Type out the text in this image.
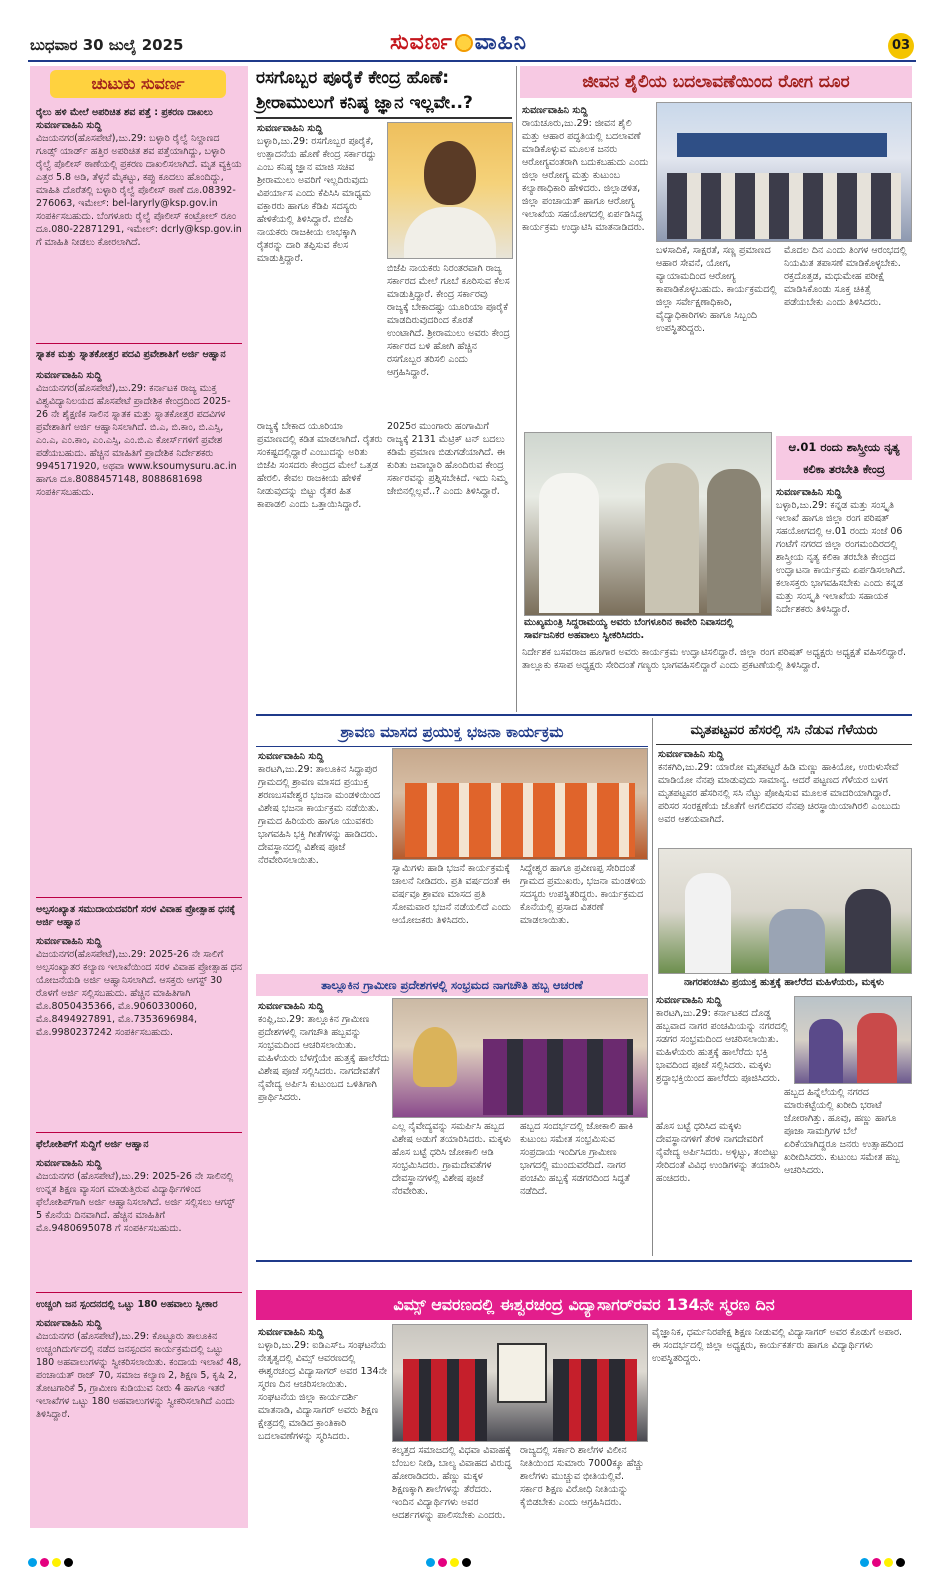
ಬುಧವಾರ 30 ಜುಲೈ 2025	ಸುವರ್ಣ ವಾಹಿನಿ	03
ಚುಟುಕು ಸುವರ್ಣ
ರೈಲು ಹಳಿ ಮೇಲೆ ಅಪರಿಚಿತ ಶವ ಪತ್ತೆ : ಪ್ರಕರಣ ದಾಖಲು
ಸುವರ್ಣವಾಹಿನಿ ಸುದ್ದಿ
ವಿಜಯನಗರ(ಹೊಸಪೇಟೆ),ಜು.29: ಬಳ್ಳಾರಿ ರೈಲ್ವೆ ನಿಲ್ದಾಣದ ಗೂಡ್ಸ್ ಯಾರ್ಡ್ ಹತ್ತಿರ ಅಪರಿಚಿತ ಶವ ಪತ್ತೆಯಾಗಿದ್ದು, ಬಳ್ಳಾರಿ ರೈಲ್ವೆ ಪೊಲೀಸ್ ಠಾಣೆಯಲ್ಲಿ ಪ್ರಕರಣ ದಾಖಲಿಸಲಾಗಿದೆ. ಮೃತ ವ್ಯಕ್ತಿಯ ಎತ್ತರ 5.8 ಅಡಿ, ತೆಳ್ಳನೆ ಮೈಕಟ್ಟು, ಕಪ್ಪು ಕೂದಲು ಹೊಂದಿದ್ದು, ಮಾಹಿತಿ ದೊರೆತಲ್ಲಿ ಬಳ್ಳಾರಿ ರೈಲ್ವೆ ಪೊಲೀಸ್ ಠಾಣೆ ದೂ.08392-276063, ಇಮೇಲ್: bel-laryrly@ksp.gov.in ಸಂಪರ್ಕಿಸಬಹುದು. ಬೆಂಗಳೂರು ರೈಲ್ವೆ ಪೊಲೀಸ್ ಕಂಟ್ರೋಲ್ ರೂಂ ದೂ.080-22871291, ಇಮೇಲ್: dcrly@ksp.gov.in ಗೆ ಮಾಹಿತಿ ನೀಡಲು ಕೋರಲಾಗಿದೆ.
ಸ್ನಾತಕ ಮತ್ತು ಸ್ನಾತಕೋತ್ತರ ಪದವಿ ಪ್ರವೇಶಾತಿಗೆ ಅರ್ಜಿ ಆಹ್ವಾನ
ಸುವರ್ಣವಾಹಿನಿ ಸುದ್ದಿ
ವಿಜಯನಗರ(ಹೊಸಪೇಟೆ),ಜು.29: ಕರ್ನಾಟಕ ರಾಜ್ಯ ಮುಕ್ತ ವಿಶ್ವವಿದ್ಯಾನಿಲಯದ ಹೊಸಪೇಟೆ ಪ್ರಾದೇಶಿಕ ಕೇಂದ್ರದಿಂದ 2025-26 ನೇ ಶೈಕ್ಷಣಿಕ ಸಾಲಿನ ಸ್ನಾತಕ ಮತ್ತು ಸ್ನಾತಕೋತ್ತರ ಪದವಿಗಳ ಪ್ರವೇಶಾತಿಗೆ ಅರ್ಜಿ ಆಹ್ವಾನಿಸಲಾಗಿದೆ. ಬಿ.ಎ, ಬಿ.ಕಾಂ, ಬಿ.ಎಸ್ಸಿ, ಎಂ.ಎ, ಎಂ.ಕಾಂ, ಎಂ.ಎಸ್ಸಿ, ಎಂ.ಬಿ.ಎ ಕೋರ್ಸ್‍ಗಳಿಗೆ ಪ್ರವೇಶ ಪಡೆಯಬಹುದು. ಹೆಚ್ಚಿನ ಮಾಹಿತಿಗೆ ಪ್ರಾದೇಶಿಕ ನಿರ್ದೇಶಕರು 9945171920, ಅಥವಾ www.ksoumysuru.ac.in ಹಾಗೂ ದೂ.8088457148, 8088681698 ಸಂಪರ್ಕಿಸಬಹುದು.
ಅಲ್ಪಸಂಖ್ಯಾತ ಸಮುದಾಯದವರಿಗೆ ಸರಳ ವಿವಾಹ ಪ್ರೋತ್ಸಾಹ ಧನಕ್ಕೆ ಅರ್ಜಿ ಆಹ್ವಾನ
ಸುವರ್ಣವಾಹಿನಿ ಸುದ್ದಿ
ವಿಜಯನಗರ(ಹೊಸಪೇಟೆ),ಜು.29: 2025-26 ನೇ ಸಾಲಿಗೆ ಅಲ್ಪಸಂಖ್ಯಾತರ ಕಲ್ಯಾಣ ಇಲಾಖೆಯಿಂದ ಸರಳ ವಿವಾಹ ಪ್ರೋತ್ಸಾಹ ಧನ ಯೋಜನೆಯಡಿ ಅರ್ಜಿ ಆಹ್ವಾನಿಸಲಾಗಿದೆ. ಆಸಕ್ತರು ಆಗಸ್ಟ್ 30 ರೊಳಗೆ ಅರ್ಜಿ ಸಲ್ಲಿಸಬಹುದು. ಹೆಚ್ಚಿನ ಮಾಹಿತಿಗಾಗಿ ಮೊ.8050435366, ಮೊ.9060330060, ಮೊ.8494927891, ಮೊ.7353696984, ಮೊ.9980237242 ಸಂಪರ್ಕಿಸಬಹುದು.
ಫೆಲೋಶಿಪ್‍ಗೆ ಸುದ್ದಿಗೆ ಅರ್ಜಿ ಆಹ್ವಾನ
ಸುವರ್ಣವಾಹಿನಿ ಸುದ್ದಿ
ವಿಜಯನಗರ (ಹೊಸಪೇಟೆ),ಜು.29: 2025-26 ನೇ ಸಾಲಿನಲ್ಲಿ ಉನ್ನತ ಶಿಕ್ಷಣ ವ್ಯಾಸಂಗ ಮಾಡುತ್ತಿರುವ ವಿದ್ಯಾರ್ಥಿಗಳಿಂದ ಫೆಲೋಶಿಪ್‍ಗಾಗಿ ಅರ್ಜಿ ಆಹ್ವಾನಿಸಲಾಗಿದೆ. ಅರ್ಜಿ ಸಲ್ಲಿಸಲು ಆಗಸ್ಟ್ 5 ಕೊನೆಯ ದಿನವಾಗಿದೆ. ಹೆಚ್ಚಿನ ಮಾಹಿತಿಗೆ ಮೊ.9480695078 ಗೆ ಸಂಪರ್ಕಿಸಬಹುದು.
ಉಚ್ಚಂಗಿ ಜನ ಸ್ಪಂದನದಲ್ಲಿ ಒಟ್ಟು 180 ಅಹವಾಲು ಸ್ವೀಕಾರ
ಸುವರ್ಣವಾಹಿನಿ ಸುದ್ದಿ
ವಿಜಯನಗರ (ಹೊಸಪೇಟೆ),ಜು.29: ಕೊಟ್ಟೂರು ತಾಲೂಕಿನ ಉಚ್ಚಂಗಿದುರ್ಗದಲ್ಲಿ ನಡೆದ ಜನಸ್ಪಂದನ ಕಾರ್ಯಕ್ರಮದಲ್ಲಿ ಒಟ್ಟು 180 ಅಹವಾಲುಗಳನ್ನು ಸ್ವೀಕರಿಸಲಾಯಿತು. ಕಂದಾಯ ಇಲಾಖೆ 48, ಪಂಚಾಯತ್ ರಾಜ್ 70, ಸಮಾಜ ಕಲ್ಯಾಣ 2, ಶಿಕ್ಷಣ 5, ಕೃಷಿ 2, ತೋಟಗಾರಿಕೆ 5, ಗ್ರಾಮೀಣ ಕುಡಿಯುವ ನೀರು 4 ಹಾಗೂ ಇತರೆ ಇಲಾಖೆಗಳ ಒಟ್ಟು 180 ಅಹವಾಲುಗಳನ್ನು ಸ್ವೀಕರಿಸಲಾಗಿದೆ ಎಂದು ತಿಳಿಸಿದ್ದಾರೆ.
ರಸಗೊಬ್ಬರ ಪೂರೈಕೆ ಕೇಂದ್ರ ಹೊಣೆ:
ಶ್ರೀರಾಮುಲುಗೆ ಕನಿಷ್ಠ ಜ್ಞಾನ ಇಲ್ಲವೇ..?
ಸುವರ್ಣವಾಹಿನಿ ಸುದ್ದಿ
ಬಳ್ಳಾರಿ,ಜು.29: ರಸಗೊಬ್ಬರ ಪೂರೈಕೆ, ಉತ್ಪಾದನೆಯ ಹೊಣೆ ಕೇಂದ್ರ ಸರ್ಕಾರದ್ದು ಎಂಬ ಕನಿಷ್ಠ ಜ್ಞಾನ ಮಾಜಿ ಸಚಿವ ಶ್ರೀರಾಮುಲು ಅವರಿಗೆ ಇಲ್ಲದಿರುವುದು ವಿಪರ್ಯಾಸ ಎಂದು ಕೆಪಿಸಿಸಿ ಮಾಧ್ಯಮ ವಕ್ತಾರರು ಹಾಗೂ ಕೆಡಿಪಿ ಸದಸ್ಯರು ಹೇಳಿಕೆಯಲ್ಲಿ ತಿಳಿಸಿದ್ದಾರೆ. ಬಿಜೆಪಿ ನಾಯಕರು ರಾಜಕೀಯ ಲಾಭಕ್ಕಾಗಿ ರೈತರನ್ನು ದಾರಿ ತಪ್ಪಿಸುವ ಕೆಲಸ ಮಾಡುತ್ತಿದ್ದಾರೆ.
ಬಿಜೆಪಿ ನಾಯಕರು ನಿರಂತರವಾಗಿ ರಾಜ್ಯ ಸರ್ಕಾರದ ಮೇಲೆ ಗೂಬೆ ಕೂರಿಸುವ ಕೆಲಸ ಮಾಡುತ್ತಿದ್ದಾರೆ. ಕೇಂದ್ರ ಸರ್ಕಾರವು ರಾಜ್ಯಕ್ಕೆ ಬೇಕಾದಷ್ಟು ಯೂರಿಯಾ ಪೂರೈಕೆ ಮಾಡದಿರುವುದರಿಂದ ಕೊರತೆ ಉಂಟಾಗಿದೆ. ಶ್ರೀರಾಮುಲು ಅವರು ಕೇಂದ್ರ ಸರ್ಕಾರದ ಬಳಿ ಹೋಗಿ ಹೆಚ್ಚಿನ ರಸಗೊಬ್ಬರ ತರಿಸಲಿ ಎಂದು ಆಗ್ರಹಿಸಿದ್ದಾರೆ.
ರಾಜ್ಯಕ್ಕೆ ಬೇಕಾದ ಯೂರಿಯಾ ಪ್ರಮಾಣದಲ್ಲಿ ಕಡಿತ ಮಾಡಲಾಗಿದೆ. ರೈತರು ಸಂಕಷ್ಟದಲ್ಲಿದ್ದಾರೆ ಎಂಬುದನ್ನು ಅರಿತು ಬಿಜೆಪಿ ಸಂಸದರು ಕೇಂದ್ರದ ಮೇಲೆ ಒತ್ತಡ ಹೇರಲಿ. ಕೇವಲ ರಾಜಕೀಯ ಹೇಳಿಕೆ ನೀಡುವುದನ್ನು ಬಿಟ್ಟು ರೈತರ ಹಿತ ಕಾಪಾಡಲಿ ಎಂದು ಒತ್ತಾಯಿಸಿದ್ದಾರೆ.
2025ರ ಮುಂಗಾರು ಹಂಗಾಮಿಗೆ ರಾಜ್ಯಕ್ಕೆ 2131 ಮೆಟ್ರಿಕ್ ಟನ್ ಬದಲು ಕಡಿಮೆ ಪ್ರಮಾಣ ಬಿಡುಗಡೆಯಾಗಿದೆ. ಈ ಕುರಿತು ಜವಾಬ್ದಾರಿ ಹೊಂದಿರುವ ಕೇಂದ್ರ ಸರ್ಕಾರವನ್ನು ಪ್ರಶ್ನಿಸಬೇಕಿದೆ. ಇದು ನಿಮ್ಮ ಜೇಬಿನಲ್ಲಿಲ್ಲವೆ..? ಎಂದು ತಿಳಿಸಿದ್ದಾರೆ.
ಜೀವನ ಶೈಲಿಯ ಬದಲಾವಣೆಯಿಂದ ರೋಗ ದೂರ
ಸುವರ್ಣವಾಹಿನಿ ಸುದ್ದಿ
ರಾಯಚೂರು,ಜು.29: ಜೀವನ ಶೈಲಿ ಮತ್ತು ಆಹಾರ ಪದ್ಧತಿಯಲ್ಲಿ ಬದಲಾವಣೆ ಮಾಡಿಕೊಳ್ಳುವ ಮೂಲಕ ಜನರು ಆರೋಗ್ಯವಂತರಾಗಿ ಬದುಕಬಹುದು ಎಂದು ಜಿಲ್ಲಾ ಆರೋಗ್ಯ ಮತ್ತು ಕುಟುಂಬ ಕಲ್ಯಾಣಾಧಿಕಾರಿ ಹೇಳಿದರು. ಜಿಲ್ಲಾಡಳಿತ, ಜಿಲ್ಲಾ ಪಂಚಾಯತ್ ಹಾಗೂ ಆರೋಗ್ಯ ಇಲಾಖೆಯ ಸಹಯೋಗದಲ್ಲಿ ಏರ್ಪಡಿಸಿದ್ದ ಕಾರ್ಯಕ್ರಮ ಉದ್ಘಾಟಿಸಿ ಮಾತನಾಡಿದರು.
ಬಳಸಾದಿಕೆ, ಸಾಕ್ಷರತೆ, ಸಣ್ಣ ಪ್ರಮಾಣದ ಆಹಾರ ಸೇವನೆ, ಯೋಗ, ವ್ಯಾಯಾಮದಿಂದ ಆರೋಗ್ಯ ಕಾಪಾಡಿಕೊಳ್ಳಬಹುದು. ಕಾರ್ಯಕ್ರಮದಲ್ಲಿ ಜಿಲ್ಲಾ ಸರ್ವೇಕ್ಷಣಾಧಿಕಾರಿ, ವೈದ್ಯಾಧಿಕಾರಿಗಳು ಹಾಗೂ ಸಿಬ್ಬಂದಿ ಉಪಸ್ಥಿತರಿದ್ದರು.
ಮೊದಲ ದಿನ ಎಂದು ತಿಂಗಳ ಆರಂಭದಲ್ಲಿ ನಿಯಮಿತ ತಪಾಸಣೆ ಮಾಡಿಕೊಳ್ಳಬೇಕು. ರಕ್ತದೊತ್ತಡ, ಮಧುಮೇಹ ಪರೀಕ್ಷೆ ಮಾಡಿಸಿಕೊಂಡು ಸೂಕ್ತ ಚಿಕಿತ್ಸೆ ಪಡೆಯಬೇಕು ಎಂದು ತಿಳಿಸಿದರು.
ಮುಖ್ಯಮಂತ್ರಿ ಸಿದ್ದರಾಮಯ್ಯ ಅವರು ಬೆಂಗಳೂರಿನ ಕಾವೇರಿ ನಿವಾಸದಲ್ಲಿ ಸಾರ್ವಜನಿಕರ ಅಹವಾಲು ಸ್ವೀಕರಿಸಿದರು.
ಆ.01 ರಂದು ಶಾಸ್ತ್ರೀಯ ನೃತ್ಯ
ಕಲಿಕಾ ತರಬೇತಿ ಕೇಂದ್ರ
ಸುವರ್ಣವಾಹಿನಿ ಸುದ್ದಿ
ಬಳ್ಳಾರಿ,ಜು.29: ಕನ್ನಡ ಮತ್ತು ಸಂಸ್ಕೃತಿ ಇಲಾಖೆ ಹಾಗೂ ಜಿಲ್ಲಾ ರಂಗ ಪರಿಷತ್ ಸಹಯೋಗದಲ್ಲಿ ಆ.01 ರಂದು ಸಂಜೆ 06 ಗಂಟೆಗೆ ನಗರದ ಜಿಲ್ಲಾ ರಂಗಮಂದಿರದಲ್ಲಿ ಶಾಸ್ತ್ರೀಯ ನೃತ್ಯ ಕಲಿಕಾ ತರಬೇತಿ ಕೇಂದ್ರದ ಉದ್ಘಾಟನಾ ಕಾರ್ಯಕ್ರಮ ಏರ್ಪಡಿಸಲಾಗಿದೆ. ಕಲಾಸಕ್ತರು ಭಾಗವಹಿಸಬೇಕು ಎಂದು ಕನ್ನಡ ಮತ್ತು ಸಂಸ್ಕೃತಿ ಇಲಾಖೆಯ ಸಹಾಯಕ ನಿರ್ದೇಶಕರು ತಿಳಿಸಿದ್ದಾರೆ.
ನಿರ್ದೇಶಕ ಬಸವರಾಜ ಹೂಗಾರ ಅವರು ಕಾರ್ಯಕ್ರಮ ಉದ್ಘಾಟಿಸಲಿದ್ದಾರೆ. ಜಿಲ್ಲಾ ರಂಗ ಪರಿಷತ್ ಅಧ್ಯಕ್ಷರು ಅಧ್ಯಕ್ಷತೆ ವಹಿಸಲಿದ್ದಾರೆ. ತಾಲ್ಲೂಕು ಕಸಾಪ ಅಧ್ಯಕ್ಷರು ಸೇರಿದಂತೆ ಗಣ್ಯರು ಭಾಗವಹಿಸಲಿದ್ದಾರೆ ಎಂದು ಪ್ರಕಟಣೆಯಲ್ಲಿ ತಿಳಿಸಿದ್ದಾರೆ.
ಶ್ರಾವಣ ಮಾಸದ ಪ್ರಯುಕ್ತ ಭಜನಾ ಕಾರ್ಯಕ್ರಮ
ಸುವರ್ಣವಾಹಿನಿ ಸುದ್ದಿ
ಕಾರಟಗಿ,ಜು.29: ತಾಲೂಕಿನ ಸಿದ್ದಾಪುರ ಗ್ರಾಮದಲ್ಲಿ ಶ್ರಾವಣ ಮಾಸದ ಪ್ರಯುಕ್ತ ಶರಣಬಸವೇಶ್ವರ ಭಜನಾ ಮಂಡಳಿಯಿಂದ ವಿಶೇಷ ಭಜನಾ ಕಾರ್ಯಕ್ರಮ ನಡೆಯಿತು. ಗ್ರಾಮದ ಹಿರಿಯರು ಹಾಗೂ ಯುವಕರು ಭಾಗವಹಿಸಿ ಭಕ್ತಿ ಗೀತೆಗಳನ್ನು ಹಾಡಿದರು. ದೇವಸ್ಥಾನದಲ್ಲಿ ವಿಶೇಷ ಪೂಜೆ ನೆರವೇರಿಸಲಾಯಿತು.
ಸ್ವಾಮಿಗಳು ಹಾಡಿ ಭಜನೆ ಕಾರ್ಯಕ್ರಮಕ್ಕೆ ಚಾಲನೆ ನೀಡಿದರು. ಪ್ರತಿ ವರ್ಷದಂತೆ ಈ ವರ್ಷವೂ ಶ್ರಾವಣ ಮಾಸದ ಪ್ರತಿ ಸೋಮವಾರ ಭಜನೆ ನಡೆಯಲಿದೆ ಎಂದು ಆಯೋಜಕರು ತಿಳಿಸಿದರು.
ಸಿದ್ದೇಶ್ವರ ಹಾಗೂ ಪ್ರವೀಣಪ್ಪ ಸೇರಿದಂತೆ ಗ್ರಾಮದ ಪ್ರಮುಖರು, ಭಜನಾ ಮಂಡಳಿಯ ಸದಸ್ಯರು ಉಪಸ್ಥಿತರಿದ್ದರು. ಕಾರ್ಯಕ್ರಮದ ಕೊನೆಯಲ್ಲಿ ಪ್ರಸಾದ ವಿತರಣೆ ಮಾಡಲಾಯಿತು.
ಮೃತಪಟ್ಟವರ ಹೆಸರಲ್ಲಿ ಸಸಿ ನೆಡುವ ಗೆಳೆಯರು
ಸುವರ್ಣವಾಹಿನಿ ಸುದ್ದಿ
ಕನಕಗಿರಿ,ಜು.29: ಯಾರೋ ಮೃತಪಟ್ಟರೆ ಹಿಡಿ ಮಣ್ಣು ಹಾಕಿಯೋ, ಉರುಳುಸೇವೆ ಮಾಡಿಯೋ ನೆನಪು ಮಾಡುವುದು ಸಾಮಾನ್ಯ. ಆದರೆ ಪಟ್ಟಣದ ಗೆಳೆಯರ ಬಳಗ ಮೃತಪಟ್ಟವರ ಹೆಸರಿನಲ್ಲಿ ಸಸಿ ನೆಟ್ಟು ಪೋಷಿಸುವ ಮೂಲಕ ಮಾದರಿಯಾಗಿದ್ದಾರೆ. ಪರಿಸರ ಸಂರಕ್ಷಣೆಯ ಜೊತೆಗೆ ಅಗಲಿದವರ ನೆನಪು ಚಿರಸ್ಥಾಯಿಯಾಗಿರಲಿ ಎಂಬುದು ಅವರ ಆಶಯವಾಗಿದೆ.
ನಾಗರಪಂಚಮಿ ಪ್ರಯುಕ್ತ ಹುತ್ತಕ್ಕೆ ಹಾಲೆರೆದ ಮಹಿಳೆಯರು, ಮಕ್ಕಳು
ತಾಲ್ಲೂಕಿನ ಗ್ರಾಮೀಣ ಪ್ರದೇಶಗಳಲ್ಲಿ ಸಂಭ್ರಮದ ನಾಗಚೌತಿ ಹಬ್ಬ ಆಚರಣೆ
ಸುವರ್ಣವಾಹಿನಿ ಸುದ್ದಿ
ಕಂಪ್ಲಿ,ಜು.29: ತಾಲ್ಲೂಕಿನ ಗ್ರಾಮೀಣ ಪ್ರದೇಶಗಳಲ್ಲಿ ನಾಗಚೌತಿ ಹಬ್ಬವನ್ನು ಸಂಭ್ರಮದಿಂದ ಆಚರಿಸಲಾಯಿತು. ಮಹಿಳೆಯರು ಬೆಳಗ್ಗೆಯೇ ಹುತ್ತಕ್ಕೆ ಹಾಲೆರೆದು ವಿಶೇಷ ಪೂಜೆ ಸಲ್ಲಿಸಿದರು. ನಾಗದೇವತೆಗೆ ನೈವೇದ್ಯ ಅರ್ಪಿಸಿ ಕುಟುಂಬದ ಒಳಿತಿಗಾಗಿ ಪ್ರಾರ್ಥಿಸಿದರು.
ಎಲ್ಲ ನೈವೇದ್ಯವನ್ನು ಸಮರ್ಪಿಸಿ ಹಬ್ಬದ ವಿಶೇಷ ಅಡುಗೆ ತಯಾರಿಸಿದರು. ಮಕ್ಕಳು ಹೊಸ ಬಟ್ಟೆ ಧರಿಸಿ ಜೋಕಾಲಿ ಆಡಿ ಸಂಭ್ರಮಿಸಿದರು. ಗ್ರಾಮದೇವತೆಗಳ ದೇವಸ್ಥಾನಗಳಲ್ಲಿ ವಿಶೇಷ ಪೂಜೆ ನೆರವೇರಿತು.
ಹಬ್ಬದ ಸಂದರ್ಭದಲ್ಲಿ ಜೋಕಾಲಿ ಹಾಕಿ ಕುಟುಂಬ ಸಮೇತ ಸಂಭ್ರಮಿಸುವ ಸಂಪ್ರದಾಯ ಇಂದಿಗೂ ಗ್ರಾಮೀಣ ಭಾಗದಲ್ಲಿ ಮುಂದುವರೆದಿದೆ. ನಾಗರ ಪಂಚಮಿ ಹಬ್ಬಕ್ಕೆ ಸಡಗರದಿಂದ ಸಿದ್ಧತೆ ನಡೆದಿದೆ.
ಸುವರ್ಣವಾಹಿನಿ ಸುದ್ದಿ
ಕಾರಟಗಿ,ಜು.29: ಕರ್ನಾಟಕದ ದೊಡ್ಡ ಹಬ್ಬವಾದ ನಾಗರ ಪಂಚಮಿಯನ್ನು ನಗರದಲ್ಲಿ ಸಡಗರ ಸಂಭ್ರಮದಿಂದ ಆಚರಿಸಲಾಯಿತು. ಮಹಿಳೆಯರು ಹುತ್ತಕ್ಕೆ ಹಾಲೆರೆದು ಭಕ್ತಿ ಭಾವದಿಂದ ಪೂಜೆ ಸಲ್ಲಿಸಿದರು. ಮಕ್ಕಳು ಶ್ರದ್ಧಾಭಕ್ತಿಯಿಂದ ಹಾಲೆರೆದು ಪೂಜಿಸಿದರು.
ಹೊಸ ಬಟ್ಟೆ ಧರಿಸಿದ ಮಕ್ಕಳು ದೇವಸ್ಥಾನಗಳಿಗೆ ತೆರಳಿ ನಾಗದೇವರಿಗೆ ನೈವೇದ್ಯ ಅರ್ಪಿಸಿದರು. ಅಳ್ಳಿಟ್ಟು, ತಂಬಿಟ್ಟು ಸೇರಿದಂತೆ ವಿವಿಧ ಉಂಡಿಗಳನ್ನು ತಯಾರಿಸಿ ಹಂಚಿದರು.
ಹಬ್ಬದ ಹಿನ್ನೆಲೆಯಲ್ಲಿ ನಗರದ ಮಾರುಕಟ್ಟೆಯಲ್ಲಿ ಖರೀದಿ ಭರಾಟೆ ಜೋರಾಗಿತ್ತು. ಹೂವು, ಹಣ್ಣು ಹಾಗೂ ಪೂಜಾ ಸಾಮಗ್ರಿಗಳ ಬೆಲೆ ಏರಿಕೆಯಾಗಿದ್ದರೂ ಜನರು ಉತ್ಸಾಹದಿಂದ ಖರೀದಿಸಿದರು. ಕುಟುಂಬ ಸಮೇತ ಹಬ್ಬ ಆಚರಿಸಿದರು.
ವಿಮ್ಸ್ ಆವರಣದಲ್ಲಿ ಈಶ್ವರಚಂದ್ರ ವಿದ್ಯಾಸಾಗರ್‌ರವರ 134ನೇ ಸ್ಮರಣ ದಿನ
ಸುವರ್ಣವಾಹಿನಿ ಸುದ್ದಿ
ಬಳ್ಳಾರಿ,ಜು.29: ಐಡಿಎಸ್‍ಒ ಸಂಘಟನೆಯ ನೇತೃತ್ವದಲ್ಲಿ ವಿಮ್ಸ್ ಆವರಣದಲ್ಲಿ ಈಶ್ವರಚಂದ್ರ ವಿದ್ಯಾಸಾಗರ್ ಅವರ 134ನೇ ಸ್ಮರಣ ದಿನ ಆಚರಿಸಲಾಯಿತು. ಸಂಘಟನೆಯ ಜಿಲ್ಲಾ ಕಾರ್ಯದರ್ಶಿ ಮಾತನಾಡಿ, ವಿದ್ಯಾಸಾಗರ್ ಅವರು ಶಿಕ್ಷಣ ಕ್ಷೇತ್ರದಲ್ಲಿ ಮಾಡಿದ ಕ್ರಾಂತಿಕಾರಿ ಬದಲಾವಣೆಗಳನ್ನು ಸ್ಮರಿಸಿದರು.
ಕಲ್ಕತ್ತದ ಸಮಾಜದಲ್ಲಿ ವಿಧವಾ ವಿವಾಹಕ್ಕೆ ಬೆಂಬಲ ನೀಡಿ, ಬಾಲ್ಯ ವಿವಾಹದ ವಿರುದ್ಧ ಹೋರಾಡಿದರು. ಹೆಣ್ಣು ಮಕ್ಕಳ ಶಿಕ್ಷಣಕ್ಕಾಗಿ ಶಾಲೆಗಳನ್ನು ತೆರೆದರು. ಇಂದಿನ ವಿದ್ಯಾರ್ಥಿಗಳು ಅವರ ಆದರ್ಶಗಳನ್ನು ಪಾಲಿಸಬೇಕು ಎಂದರು.
ರಾಜ್ಯದಲ್ಲಿ ಸರ್ಕಾರಿ ಶಾಲೆಗಳ ವಿಲೀನ ನೀತಿಯಿಂದ ಸುಮಾರು 7000ಕ್ಕೂ ಹೆಚ್ಚು ಶಾಲೆಗಳು ಮುಚ್ಚುವ ಭೀತಿಯಲ್ಲಿವೆ. ಸರ್ಕಾರ ಶಿಕ್ಷಣ ವಿರೋಧಿ ನೀತಿಯನ್ನು ಕೈಬಿಡಬೇಕು ಎಂದು ಆಗ್ರಹಿಸಿದರು.
ವೈಜ್ಞಾನಿಕ, ಧರ್ಮನಿರಪೇಕ್ಷ ಶಿಕ್ಷಣ ನೀಡುವಲ್ಲಿ ವಿದ್ಯಾಸಾಗರ್ ಅವರ ಕೊಡುಗೆ ಅಪಾರ. ಈ ಸಂದರ್ಭದಲ್ಲಿ ಜಿಲ್ಲಾ ಅಧ್ಯಕ್ಷರು, ಕಾರ್ಯಕರ್ತರು ಹಾಗೂ ವಿದ್ಯಾರ್ಥಿಗಳು ಉಪಸ್ಥಿತರಿದ್ದರು.
